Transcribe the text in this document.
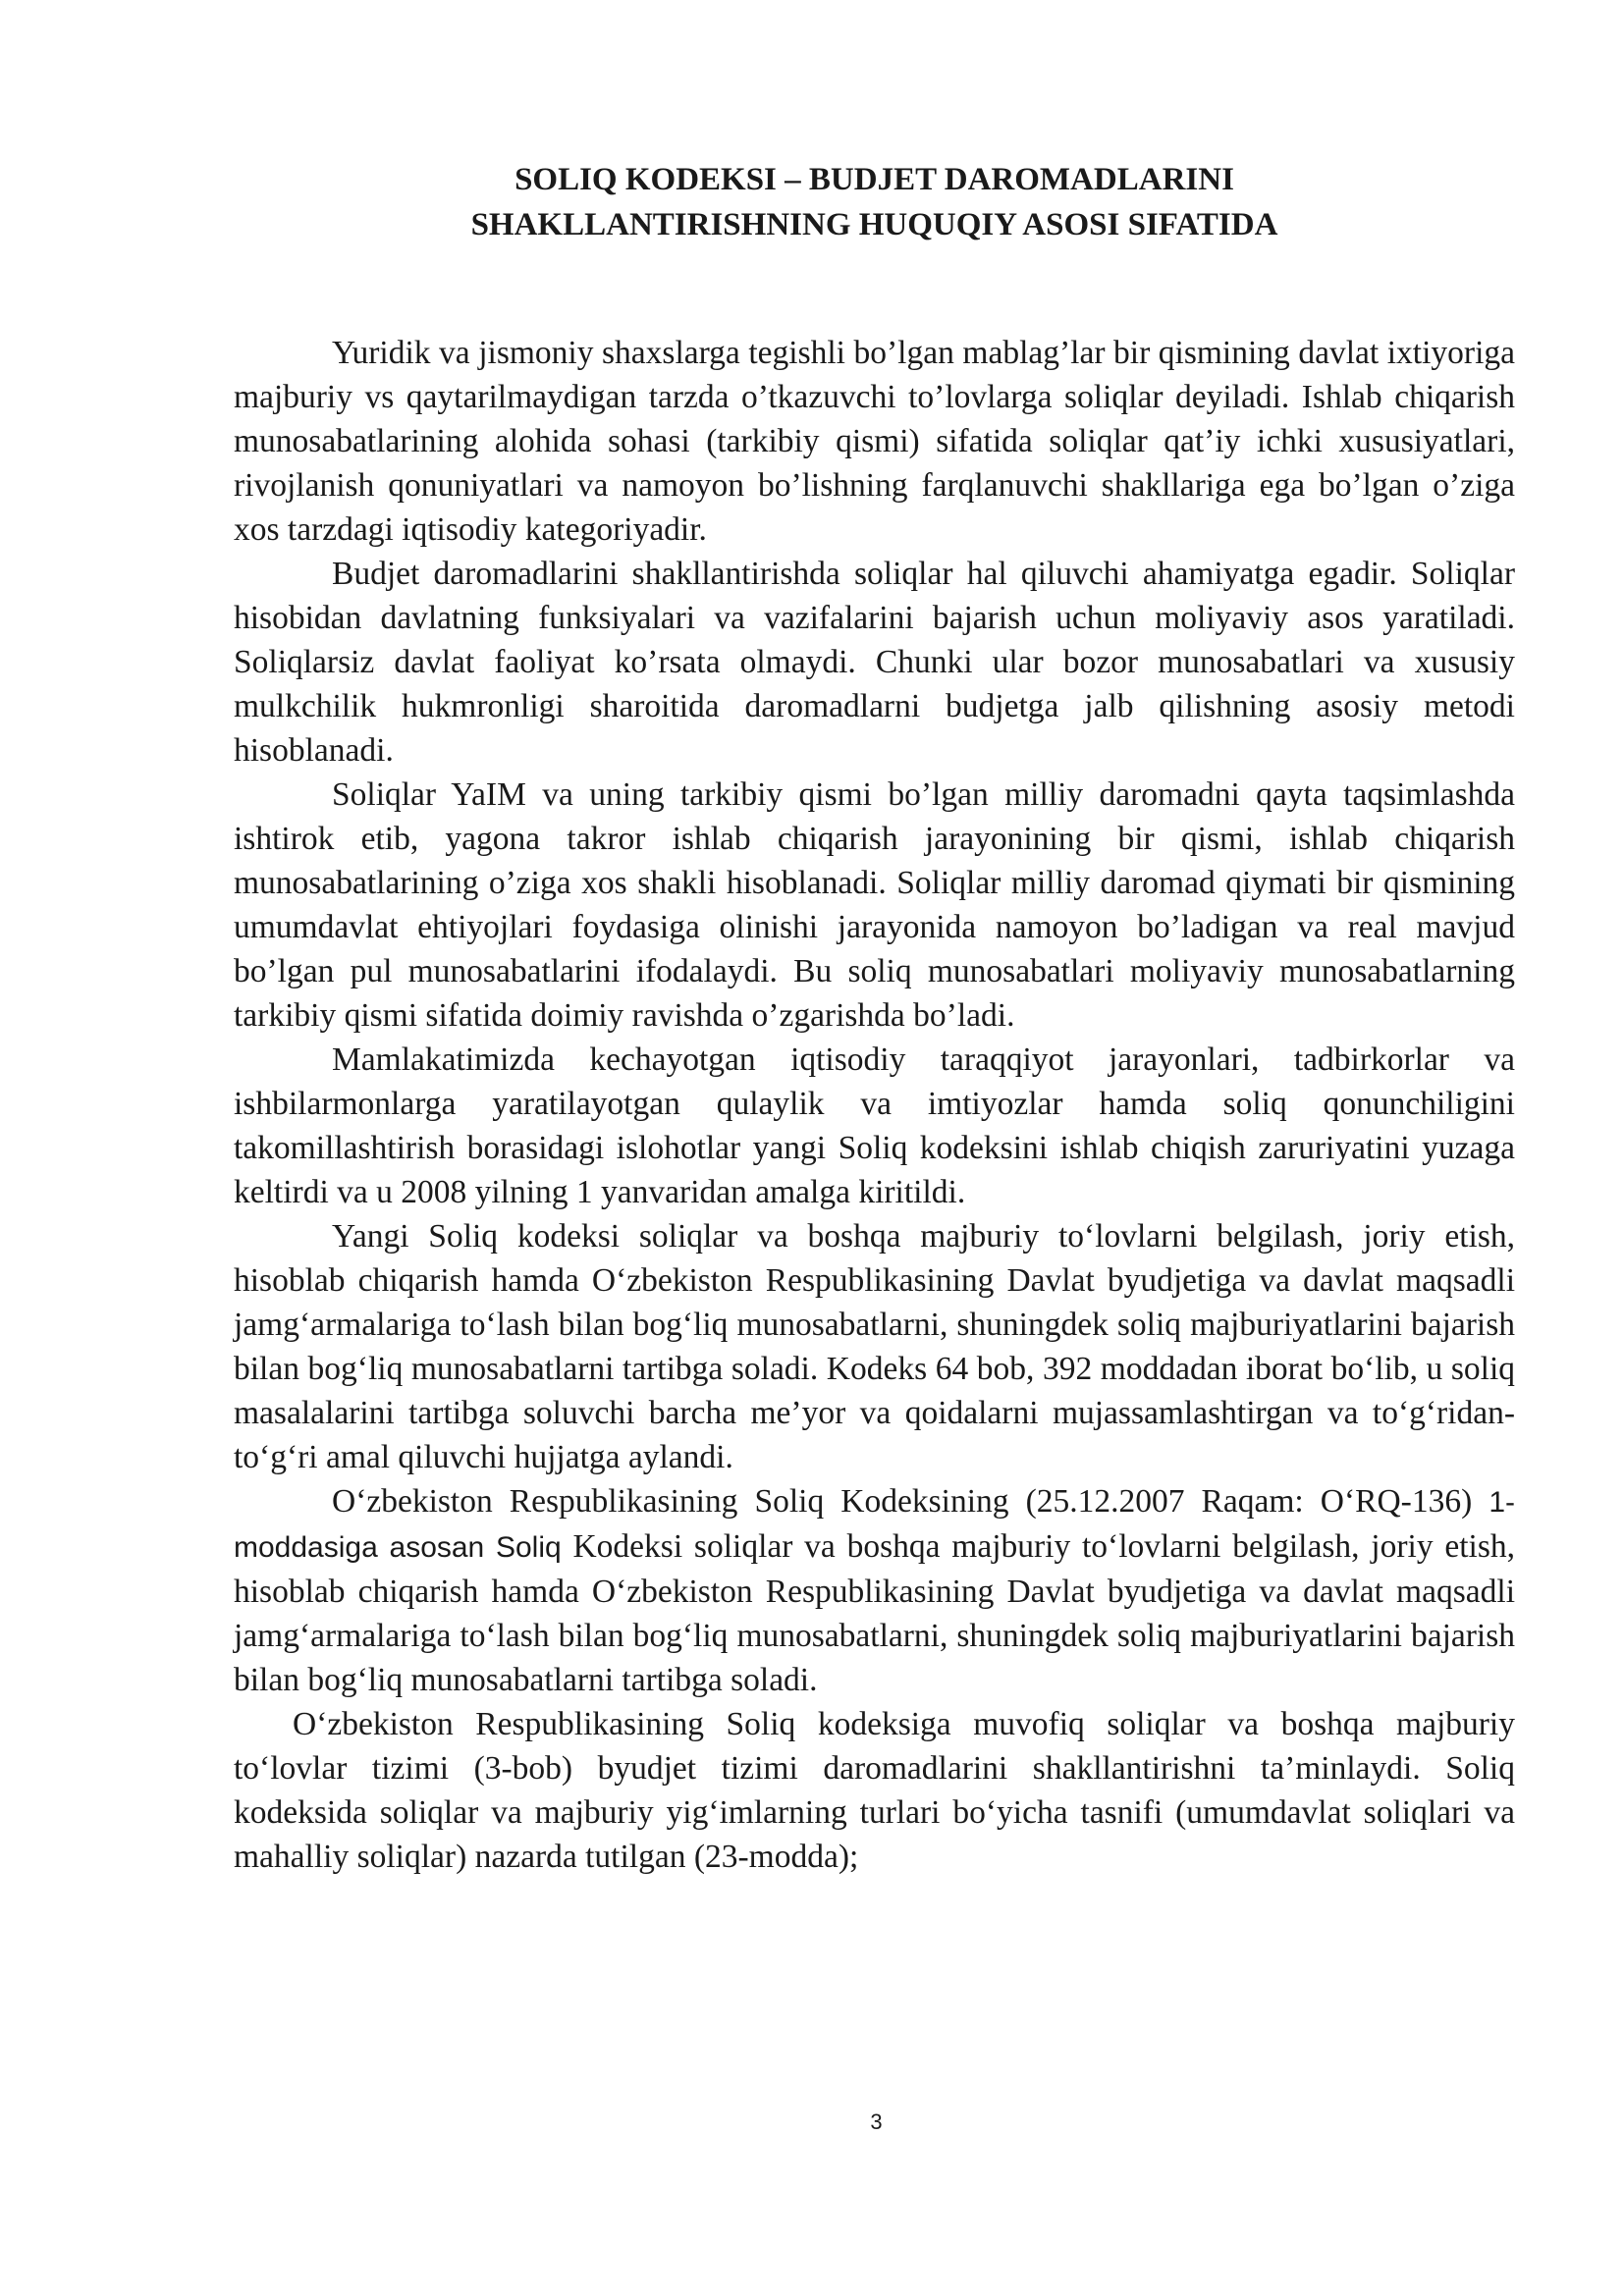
SOLIQ KODEKSI – BUDJET DAROMADLARINI
SHAKLLANTIRISHNING HUQUQIY ASOSI SIFATIDA

Yuridik va jismoniy shaxslarga tegishli bo’lgan mablag’lar bir qismining davlat ixtiyoriga majburiy vs qaytarilmaydigan tarzda o’tkazuvchi to’lovlarga soliqlar deyiladi. Ishlab chiqarish munosabatlarining alohida sohasi (tarkibiy qismi) sifatida soliqlar qat’iy ichki xususiyatlari, rivojlanish qonuniyatlari va namoyon bo’lishning farqlanuvchi shakllariga ega bo’lgan o’ziga xos tarzdagi iqtisodiy kategoriyadir.

Budjet daromadlarini shakllantirishda soliqlar hal qiluvchi ahamiyatga egadir. Soliqlar hisobidan davlatning funksiyalari va vazifalarini bajarish uchun moliyaviy asos yaratiladi. Soliqlarsiz davlat faoliyat ko’rsata olmaydi. Chunki ular bozor munosabatlari va xususiy mulkchilik hukmronligi sharoitida daromadlarni budjetga jalb qilishning asosiy metodi hisoblanadi.

Soliqlar YaIM va uning tarkibiy qismi bo’lgan milliy daromadni qayta taqsimlashda ishtirok etib, yagona takror ishlab chiqarish jarayonining bir qismi, ishlab chiqarish munosabatlarining o’ziga xos shakli hisoblanadi. Soliqlar milliy daromad qiymati bir qismining umumdavlat ehtiyojlari foydasiga olinishi jarayonida namoyon bo’ladigan va real mavjud bo’lgan pul munosabatlarini ifodalaydi. Bu soliq munosabatlari moliyaviy munosabatlarning tarkibiy qismi sifatida doimiy ravishda o’zgarishda bo’ladi.

Mamlakatimizda kechayotgan iqtisodiy taraqqiyot jarayonlari, tadbirkorlar va ishbilarmonlarga yaratilayotgan qulaylik va imtiyozlar hamda soliq qonunchiligini takomillashtirish borasidagi islohotlar yangi Soliq kodeksini ishlab chiqish zaruriyatini yuzaga keltirdi va u 2008 yilning 1 yanvaridan amalga kiritildi.

Yangi Soliq kodeksi soliqlar va boshqa majburiy to‘lovlarni belgilash, joriy etish, hisoblab chiqarish hamda O‘zbekiston Respublikasining Davlat byudjetiga va davlat maqsadli jamg‘armalariga to‘lash bilan bog‘liq munosabatlarni, shuningdek soliq majburiyatlarini bajarish bilan bog‘liq munosabatlarni tartibga soladi. Kodeks 64 bob, 392 moddadan iborat bo‘lib, u soliq masalalarini tartibga soluvchi barcha me’yor va qoidalarni mujassamlashtirgan va to‘g‘ridan-to‘g‘ri amal qiluvchi hujjatga aylandi.

O‘zbekiston Respublikasining Soliq Kodeksining (25.12.2007 Raqam: O‘RQ-136) 1-moddasiga asosan Soliq Kodeksi soliqlar va boshqa majburiy to‘lovlarni belgilash, joriy etish, hisoblab chiqarish hamda O‘zbekiston Respublikasining Davlat byudjetiga va davlat maqsadli jamg‘armalariga to‘lash bilan bog‘liq munosabatlarni, shuningdek soliq majburiyatlarini bajarish bilan bog‘liq munosabatlarni tartibga soladi.

O‘zbekiston Respublikasining Soliq kodeksiga muvofiq soliqlar va boshqa majburiy to‘lovlar tizimi (3-bob) byudjet tizimi daromadlarini shakllantirishni ta’minlaydi. Soliq kodeksida soliqlar va majburiy yig‘imlarning turlari bo‘yicha tasnifi (umumdavlat soliqlari va mahalliy soliqlar) nazarda tutilgan (23-modda);

3
